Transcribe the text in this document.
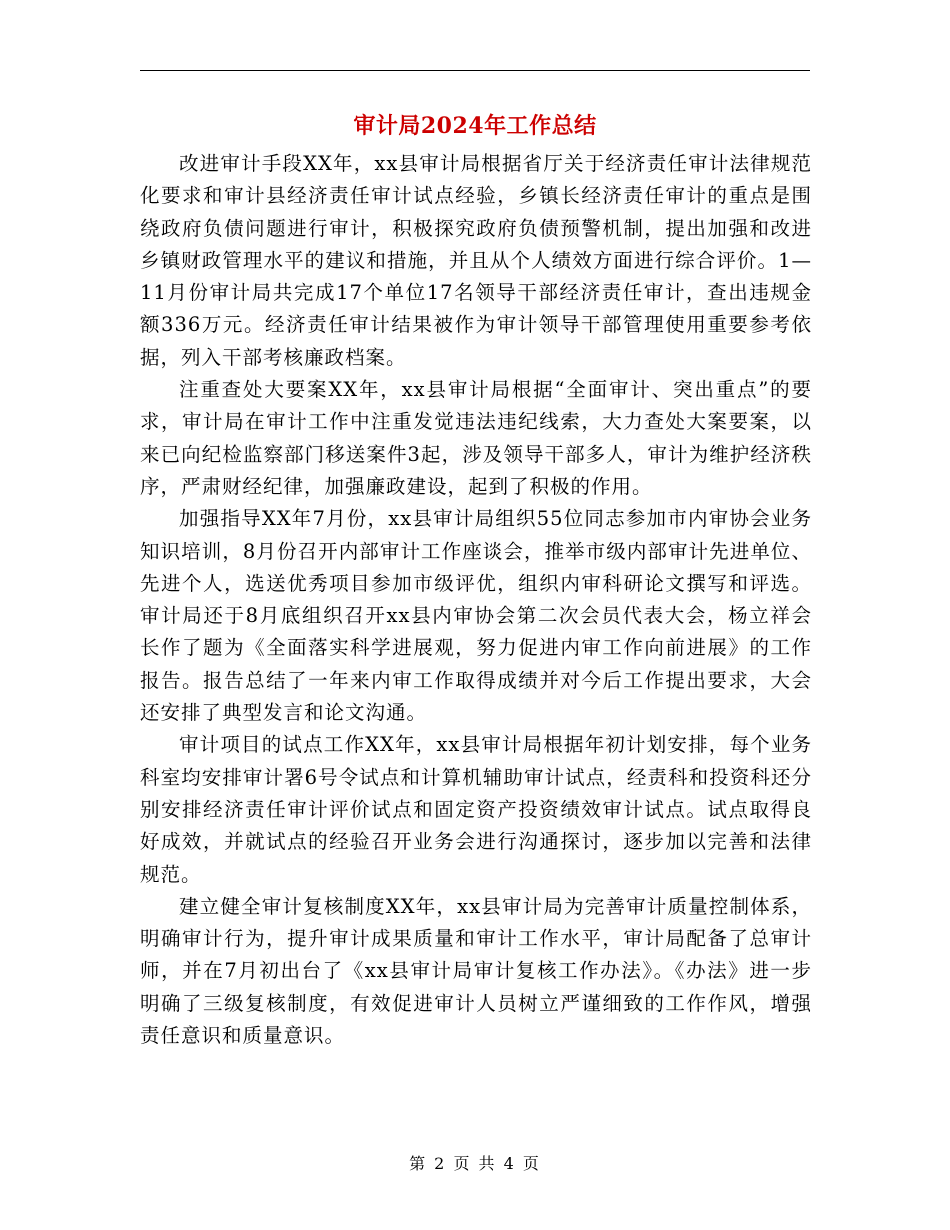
审计局2024年工作总结

改进审计手段XX年，xx县审计局根据省厅关于经济责任审计法律规范化要求和审计县经济责任审计试点经验，乡镇长经济责任审计的重点是围绕政府负债问题进行审计，积极探究政府负债预警机制，提出加强和改进乡镇财政管理水平的建议和措施，并且从个人绩效方面进行综合评价。1—11月份审计局共完成17个单位17名领导干部经济责任审计，查出违规金额336万元。经济责任审计结果被作为审计领导干部管理使用重要参考依据，列入干部考核廉政档案。

注重查处大要案XX年，xx县审计局根据“全面审计、突出重点”的要求，审计局在审计工作中注重发觉违法违纪线索，大力查处大案要案，以来已向纪检监察部门移送案件3起，涉及领导干部多人，审计为维护经济秩序，严肃财经纪律，加强廉政建设，起到了积极的作用。

加强指导XX年7月份，xx县审计局组织55位同志参加市内审协会业务知识培训，8月份召开内部审计工作座谈会，推举市级内部审计先进单位、先进个人，选送优秀项目参加市级评优，组织内审科研论文撰写和评选。审计局还于8月底组织召开xx县内审协会第二次会员代表大会，杨立祥会长作了题为《全面落实科学进展观，努力促进内审工作向前进展》的工作报告。报告总结了一年来内审工作取得成绩并对今后工作提出要求，大会还安排了典型发言和论文沟通。

审计项目的试点工作XX年，xx县审计局根据年初计划安排，每个业务科室均安排审计署6号令试点和计算机辅助审计试点，经责科和投资科还分别安排经济责任审计评价试点和固定资产投资绩效审计试点。试点取得良好成效，并就试点的经验召开业务会进行沟通探讨，逐步加以完善和法律规范。

建立健全审计复核制度XX年，xx县审计局为完善审计质量控制体系，明确审计行为，提升审计成果质量和审计工作水平，审计局配备了总审计师，并在7月初出台了《xx县审计局审计复核工作办法》。《办法》进一步明确了三级复核制度，有效促进审计人员树立严谨细致的工作作风，增强责任意识和质量意识。

第 2 页 共 4 页
